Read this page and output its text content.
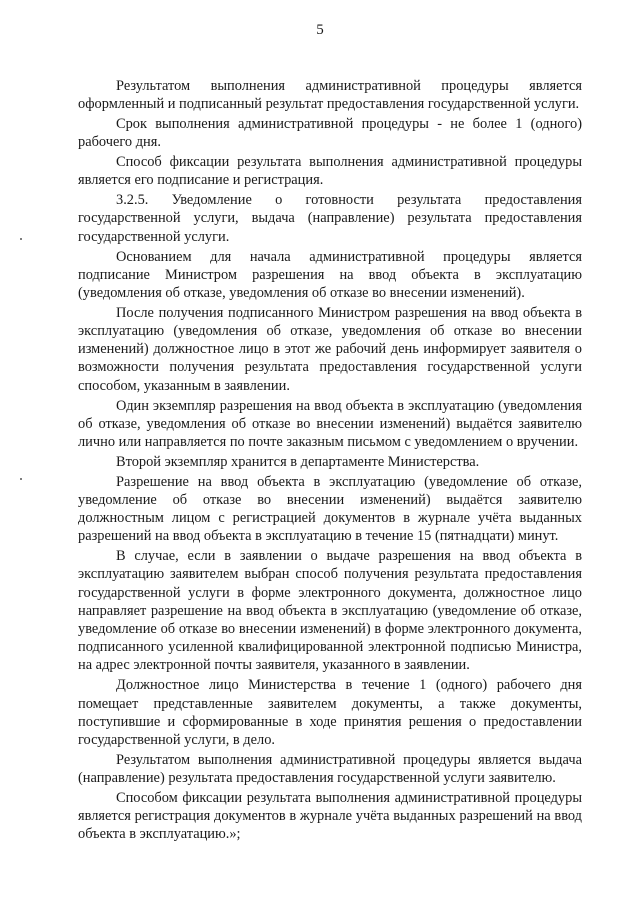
5

Результатом выполнения административной процедуры является оформленный и подписанный результат предоставления государственной услуги.

Срок выполнения административной процедуры - не более 1 (одного) рабочего дня.

Способ фиксации результата выполнения административной процедуры является его подписание и регистрация.

3.2.5. Уведомление о готовности результата предоставления государственной услуги, выдача (направление) результата предоставления государственной услуги.

Основанием для начала административной процедуры является подписание Министром разрешения на ввод объекта в эксплуатацию (уведомления об отказе, уведомления об отказе во внесении изменений).

После получения подписанного Министром разрешения на ввод объекта в эксплуатацию (уведомления об отказе, уведомления об отказе во внесении изменений) должностное лицо в этот же рабочий день информирует заявителя о возможности получения результата предоставления государственной услуги способом, указанным в заявлении.

Один экземпляр разрешения на ввод объекта в эксплуатацию (уведомления об отказе, уведомления об отказе во внесении изменений) выдаётся заявителю лично или направляется по почте заказным письмом с уведомлением о вручении.

Второй экземпляр хранится в департаменте Министерства.

Разрешение на ввод объекта в эксплуатацию (уведомление об отказе, уведомление об отказе во внесении изменений) выдаётся заявителю должностным лицом с регистрацией документов в журнале учёта выданных разрешений на ввод объекта в эксплуатацию в течение 15 (пятнадцати) минут.

В случае, если в заявлении о выдаче разрешения на ввод объекта в эксплуатацию заявителем выбран способ получения результата предоставления государственной услуги в форме электронного документа, должностное лицо направляет разрешение на ввод объекта в эксплуатацию (уведомление об отказе, уведомление об отказе во внесении изменений) в форме электронного документа, подписанного усиленной квалифицированной электронной подписью Министра, на адрес электронной почты заявителя, указанного в заявлении.

Должностное лицо Министерства в течение 1 (одного) рабочего дня помещает представленные заявителем документы, а также документы, поступившие и сформированные в ходе принятия решения о предоставлении государственной услуги, в дело.

Результатом выполнения административной процедуры является выдача (направление) результата предоставления государственной услуги заявителю.

Способом фиксации результата выполнения административной процедуры является регистрация документов в журнале учёта выданных разрешений на ввод объекта в эксплуатацию.»;
